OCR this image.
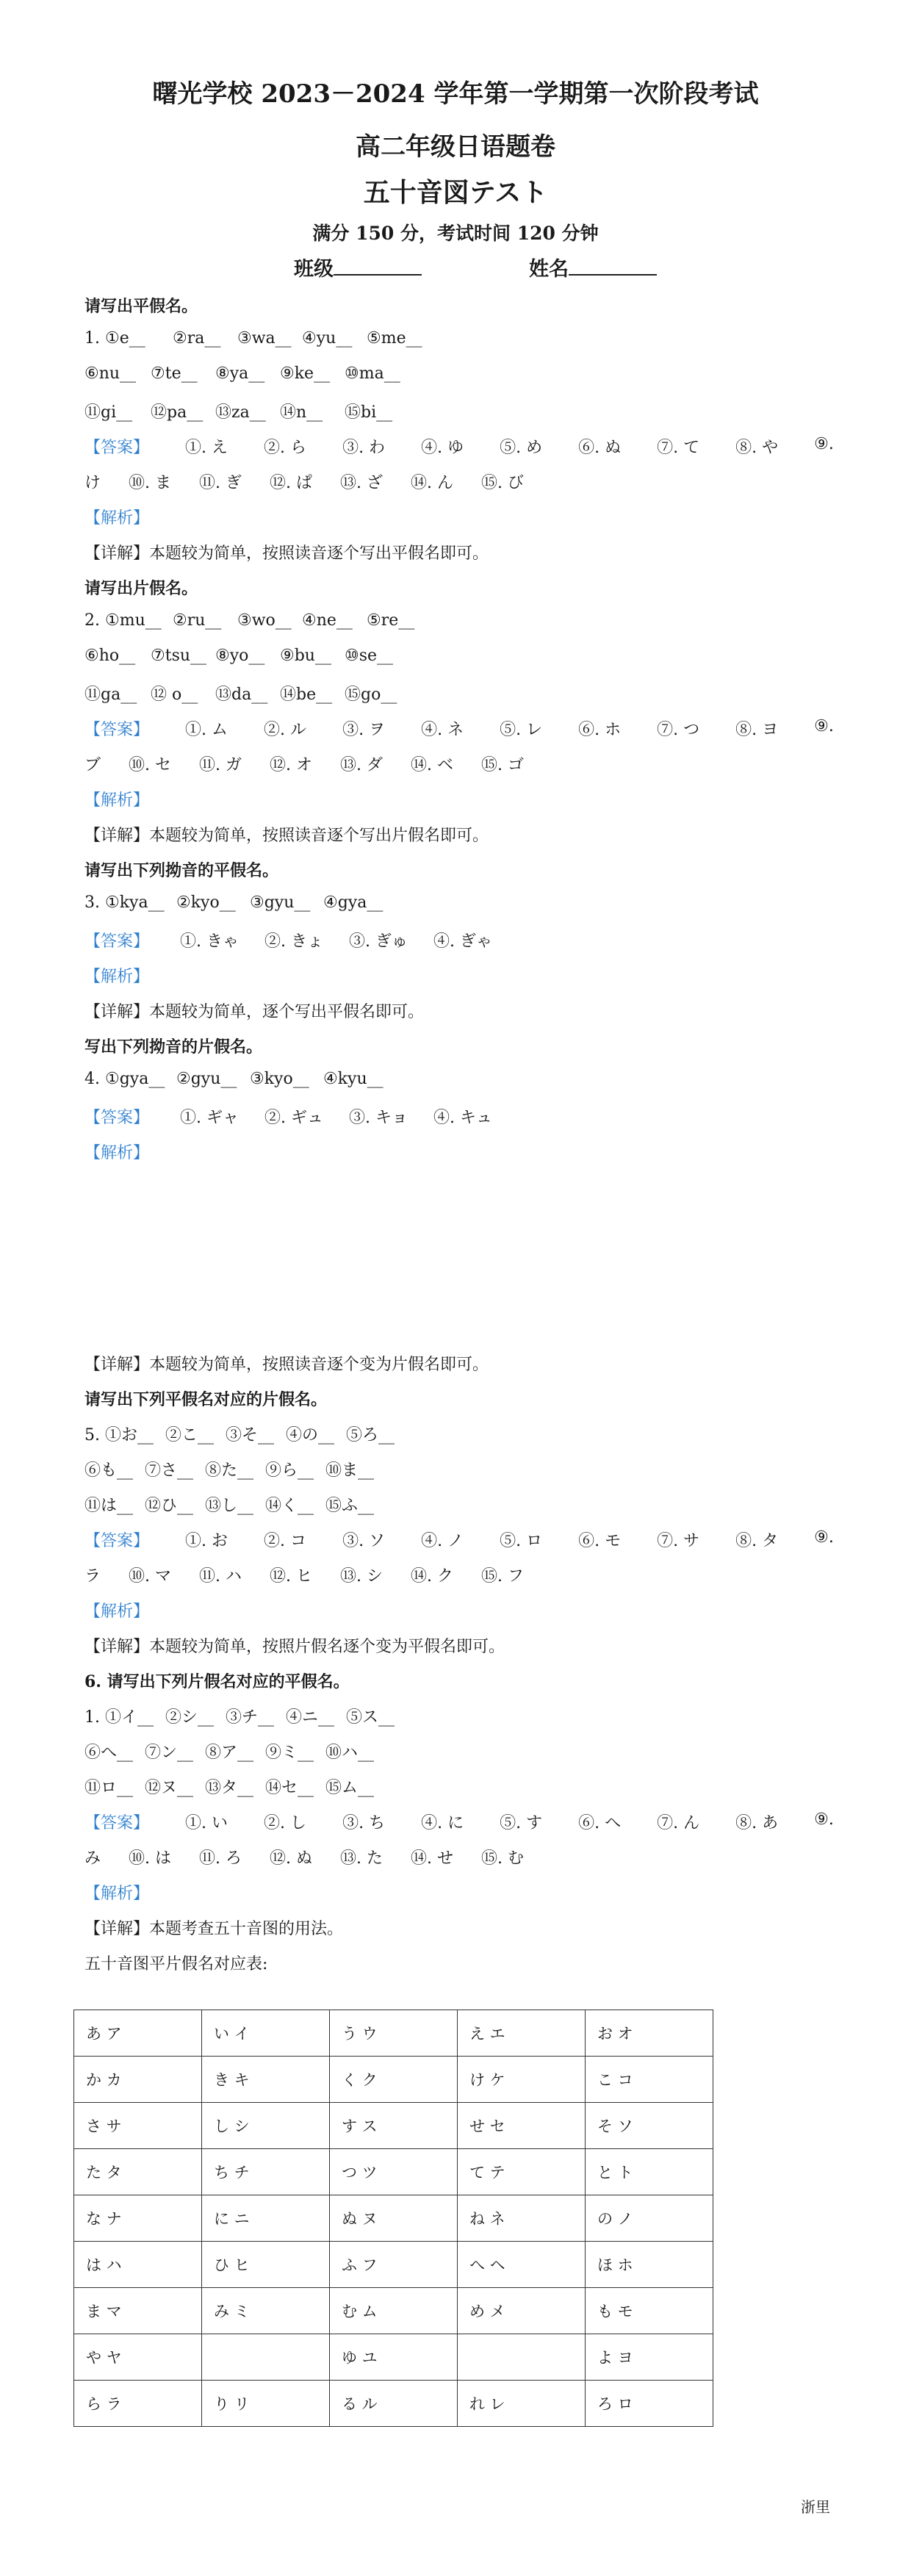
曙光学校 2023－2024 学年第一学期第一次阶段考试
高二年级日语题卷
五十音図テスト
满分 150 分，考试时间 120 分钟
班级	姓名
请写出平假名。
1. ①e__ ②ra__ ③wa__ ④yu__ ⑤me__
⑥nu__ ⑦te__ ⑧ya__ ⑨ke__ ⑩ma__
⑪gi__ ⑫pa__ ⑬za__ ⑭n__ ⑮bi__
【答案】 ①. え ②. ら ③. わ ④. ゆ ⑤. め ⑥. ぬ ⑦. て ⑧. や ⑨.
け ⑩. ま ⑪. ぎ ⑫. ぱ ⑬. ざ ⑭. ん ⑮. び
【解析】
【详解】本题较为简单，按照读音逐个写出平假名即可。
请写出片假名。
2. ①mu__ ②ru__ ③wo__ ④ne__ ⑤re__
⑥ho__ ⑦tsu__ ⑧yo__ ⑨bu__ ⑩se__
⑪ga__ ⑫ o__ ⑬da__ ⑭be__ ⑮go__
【答案】 ①. ム ②. ル ③. ヲ ④. ネ ⑤. レ ⑥. ホ ⑦. つ ⑧. ヨ ⑨.
ブ ⑩. セ ⑪. ガ ⑫. オ ⑬. ダ ⑭. ベ ⑮. ゴ
【解析】
【详解】本题较为简单，按照读音逐个写出片假名即可。
请写出下列拗音的平假名。
3. ①kya__ ②kyo__ ③gyu__ ④gya__
【答案】 ①. きゃ ②. きょ ③. ぎゅ ④. ぎゃ
【解析】
【详解】本题较为简单，逐个写出平假名即可。
写出下列拗音的片假名。
4. ①gya__ ②gyu__ ③kyo__ ④kyu__
【答案】 ①. ギャ ②. ギュ ③. キョ ④. キュ
【解析】
【详解】本题较为简单，按照读音逐个变为片假名即可。
请写出下列平假名对应的片假名。
5. ①お__ ②こ__ ③そ__ ④の__ ⑤ろ__
⑥も__ ⑦さ__ ⑧た__ ⑨ら__ ⑩ま__
⑪は__ ⑫ひ__ ⑬し__ ⑭く__ ⑮ふ__
【答案】 ①. お ②. コ ③. ソ ④. ノ ⑤. ロ ⑥. モ ⑦. サ ⑧. タ ⑨.
ラ ⑩. マ ⑪. ハ ⑫. ヒ ⑬. シ ⑭. ク ⑮. フ
【解析】
【详解】本题较为简单，按照片假名逐个变为平假名即可。
6. 请写出下列片假名对应的平假名。
1. ①イ__ ②シ__ ③チ__ ④ニ__ ⑤ス__
⑥へ__ ⑦ン__ ⑧ア__ ⑨ミ__ ⑩ハ__
⑪ロ__ ⑫ヌ__ ⑬タ__ ⑭セ__ ⑮ム__
【答案】 ①. い ②. し ③. ち ④. に ⑤. す ⑥. へ ⑦. ん ⑧. あ ⑨.
み ⑩. は ⑪. ろ ⑫. ぬ ⑬. た ⑭. せ ⑮. む
【解析】
【详解】本题考查五十音图的用法。
五十音图平片假名对应表:
あ ア	い イ	う ウ	え エ	お オ
か カ	き キ	く ク	け ケ	こ コ
さ サ	し シ	す ス	せ セ	そ ソ
た タ	ち チ	つ ツ	て テ	と ト
な ナ	に ニ	ぬ ヌ	ね ネ	の ノ
は ハ	ひ ヒ	ふ フ	へ ヘ	ほ ホ
ま マ	み ミ	む ム	め メ	も モ
や ヤ		ゆ ユ		よ ヨ
ら ラ	り リ	る ル	れ レ	ろ ロ
浙里
